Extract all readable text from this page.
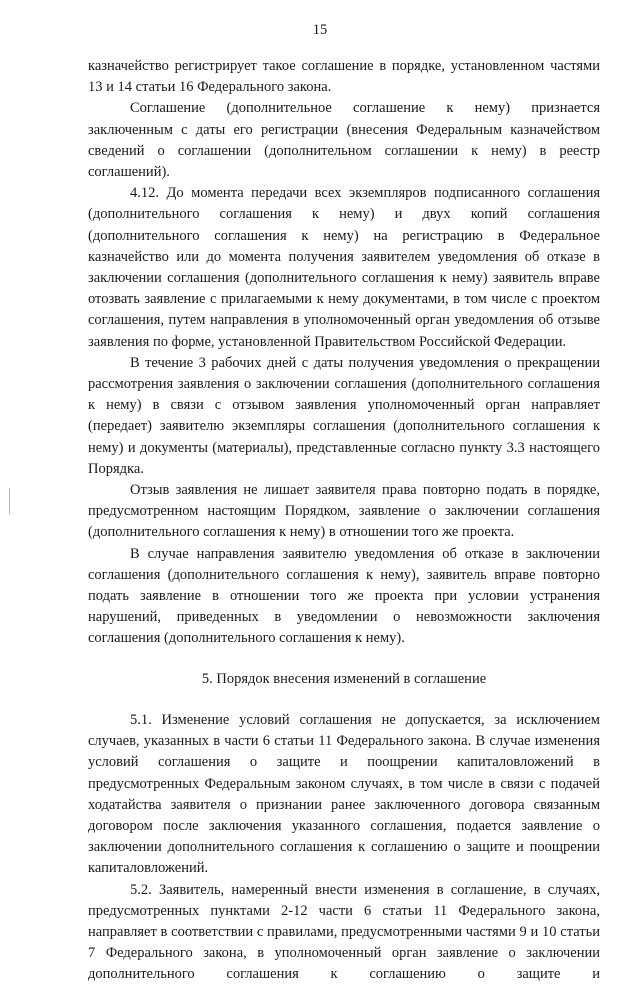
15

казначейство регистрирует такое соглашение в порядке, установленном частями 13 и 14 статьи 16 Федерального закона.

Соглашение (дополнительное соглашение к нему) признается заключенным с даты его регистрации (внесения Федеральным казначейством сведений о соглашении (дополнительном соглашении к нему) в реестр соглашений).

4.12. До момента передачи всех экземпляров подписанного соглашения (дополнительного соглашения к нему) и двух копий соглашения (дополнительного соглашения к нему) на регистрацию в Федеральное казначейство или до момента получения заявителем уведомления об отказе в заключении соглашения (дополнительного соглашения к нему) заявитель вправе отозвать заявление с прилагаемыми к нему документами, в том числе с проектом соглашения, путем направления в уполномоченный орган уведомления об отзыве заявления по форме, установленной Правительством Российской Федерации.

В течение 3 рабочих дней с даты получения уведомления о прекращении рассмотрения заявления о заключении соглашения (дополнительного соглашения к нему) в связи с отзывом заявления уполномоченный орган направляет (передает) заявителю экземпляры соглашения (дополнительного соглашения к нему) и документы (материалы), представленные согласно пункту 3.3 настоящего Порядка.

Отзыв заявления не лишает заявителя права повторно подать в порядке, предусмотренном настоящим Порядком, заявление о заключении соглашения (дополнительного соглашения к нему) в отношении того же проекта.

В случае направления заявителю уведомления об отказе в заключении соглашения (дополнительного соглашения к нему), заявитель вправе повторно подать заявление в отношении того же проекта при условии устранения нарушений, приведенных в уведомлении о невозможности заключения соглашения (дополнительного соглашения к нему).

5. Порядок внесения изменений в соглашение

5.1. Изменение условий соглашения не допускается, за исключением случаев, указанных в части 6 статьи 11 Федерального закона. В случае изменения условий соглашения о защите и поощрении капиталовложений в предусмотренных Федеральным законом случаях, в том числе в связи с подачей ходатайства заявителя о признании ранее заключенного договора связанным договором после заключения указанного соглашения, подается заявление о заключении дополнительного соглашения к соглашению о защите и поощрении капиталовложений.

5.2. Заявитель, намеренный внести изменения в соглашение, в случаях, предусмотренных пунктами 2-12 части 6 статьи 11 Федерального закона, направляет в соответствии с правилами, предусмотренными частями 9 и 10 статьи 7 Федерального закона, в уполномоченный орган заявление о заключении дополнительного соглашения к соглашению о защите и
